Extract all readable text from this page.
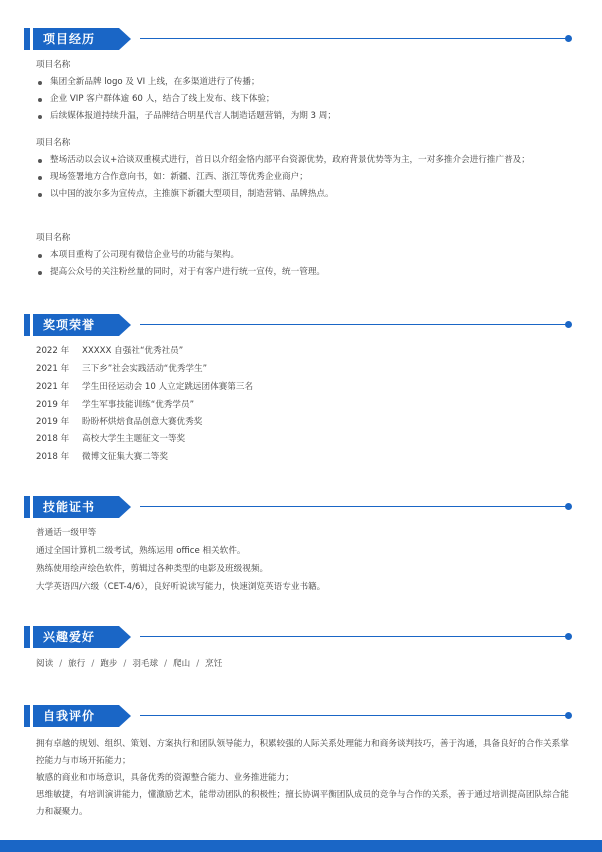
项目经历
项目名称
集团全新品牌 logo 及 VI 上线，在多渠道进行了传播；
企业 VIP 客户群体逾 60 人，结合了线上发布、线下体验；
后续媒体报道持续升温，子品牌结合明星代言人制造话题营销，为期 3 周；
项目名称
整场活动以会议+洽谈双重模式进行，首日以介绍金恪内部平台资源优势，政府背景优势等为主，一对多推介会进行推广普及；
现场签署地方合作意向书，如：新疆、江西、浙江等优秀企业商户；
以中国的波尔多为宣传点，主推旗下新疆大型项目，制造营销、品牌热点。
项目名称
本项目重构了公司现有微信企业号的功能与架构。
提高公众号的关注粉丝量的同时，对于有客户进行统一宣传，统一管理。
奖项荣誉
2022 年 XXXXX 自强社“优秀社员”
2021 年 三下乡”社会实践活动“优秀学生”
2021 年 学生田径运动会 10 人立定跳远团体赛第三名
2019 年 学生军事技能训练“优秀学员”
2019 年 盼盼杯烘焙食品创意大赛优秀奖
2018 年 高校大学生主题征文一等奖
2018 年 微博文征集大赛二等奖
技能证书
普通话一级甲等
通过全国计算机二级考试，熟练运用 office 相关软件。
熟练使用绘声绘色软件，剪辑过各种类型的电影及班级视频。
大学英语四/六级（CET-4/6），良好听说读写能力，快速浏览英语专业书籍。
兴趣爱好
阅读 / 旅行 / 跑步 / 羽毛球 / 爬山 / 烹饪
自我评价
拥有卓越的规划、组织、策划、方案执行和团队领导能力，积累较强的人际关系处理能力和商务谈判技巧，善于沟通，具备良好的合作关系掌控能力与市场开拓能力；
敏感的商业和市场意识，具备优秀的资源整合能力、业务推进能力；
思维敏捷，有培训演讲能力，懂激励艺术，能带动团队的积极性；擅长协调平衡团队成员的竞争与合作的关系，善于通过培训提高团队综合能力和凝聚力。
